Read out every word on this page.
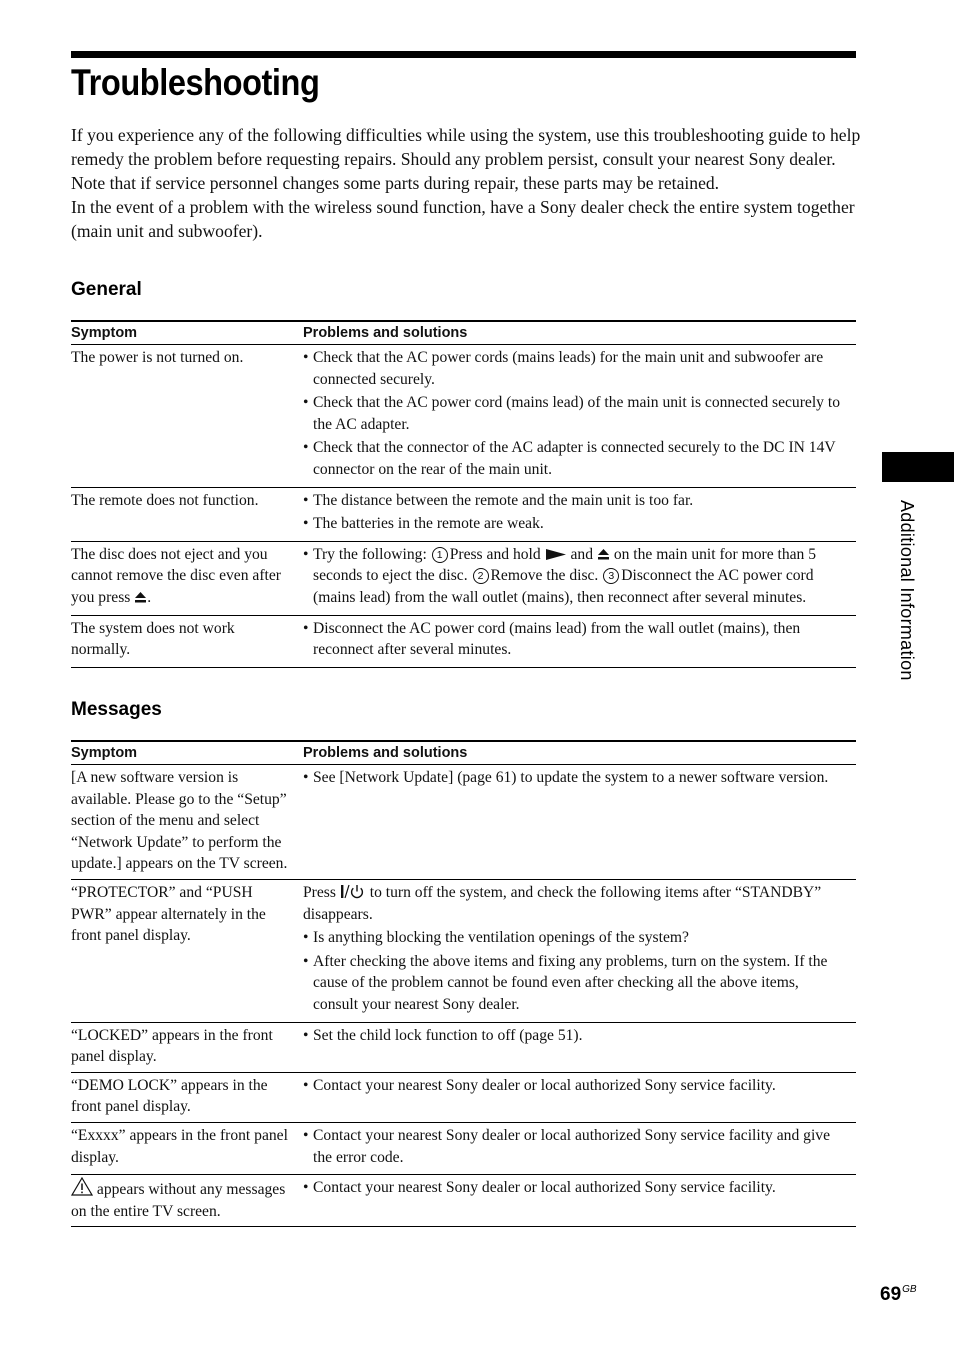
Troubleshooting

If you experience any of the following difficulties while using the system, use this troubleshooting guide to help remedy the problem before requesting repairs. Should any problem persist, consult your nearest Sony dealer.

Note that if service personnel changes some parts during repair, these parts may be retained.

In the event of a problem with the wireless sound function, have a Sony dealer check the entire system together (main unit and subwoofer).

General
Symptom	Problems and solutions
The power is not turned on.	• Check that the AC power cords (mains leads) for the main unit and subwoofer are connected securely.
• Check that the AC power cord (mains lead) of the main unit is connected securely to the AC adapter.
• Check that the connector of the AC adapter is connected securely to the DC IN 14V connector on the rear of the main unit.

The remote does not function.	• The distance between the remote and the main unit is too far.
• The batteries in the remote are weak.

The disc does not eject and you cannot remove the disc even after you press .	• Try the following: 1 Press and hold and on the main unit for more than 5 seconds to eject the disc. 2 Remove the disc. 3 Disconnect the AC power cord (mains lead) from the wall outlet (mains), then reconnect after several minutes.

The system does not work normally.	• Disconnect the AC power cord (mains lead) from the wall outlet (mains), then reconnect after several minutes.
Messages
Symptom	Problems and solutions
[A new software version is available. Please go to the “Setup” section of the menu and select “Network Update” to perform the update.] appears on the TV screen.	• See [Network Update] (page 61) to update the system to a newer software version.

“PROTECTOR” and “PUSH PWR” appear alternately in the front panel display.	Press to turn off the system, and check the following items after “STANDBY” disappears.
• Is anything blocking the ventilation openings of the system?
• After checking the above items and fixing any problems, turn on the system. If the cause of the problem cannot be found even after checking all the above items, consult your nearest Sony dealer.

“LOCKED” appears in the front panel display.	• Set the child lock function to off (page 51).

“DEMO LOCK” appears in the front panel display.	• Contact your nearest Sony dealer or local authorized Sony service facility.

“Exxxx” appears in the front panel display.	• Contact your nearest Sony dealer or local authorized Sony service facility and give the error code.

appears without any messages on the entire TV screen.	• Contact your nearest Sony dealer or local authorized Sony service facility.
Additional Information
$69^{GB}$
